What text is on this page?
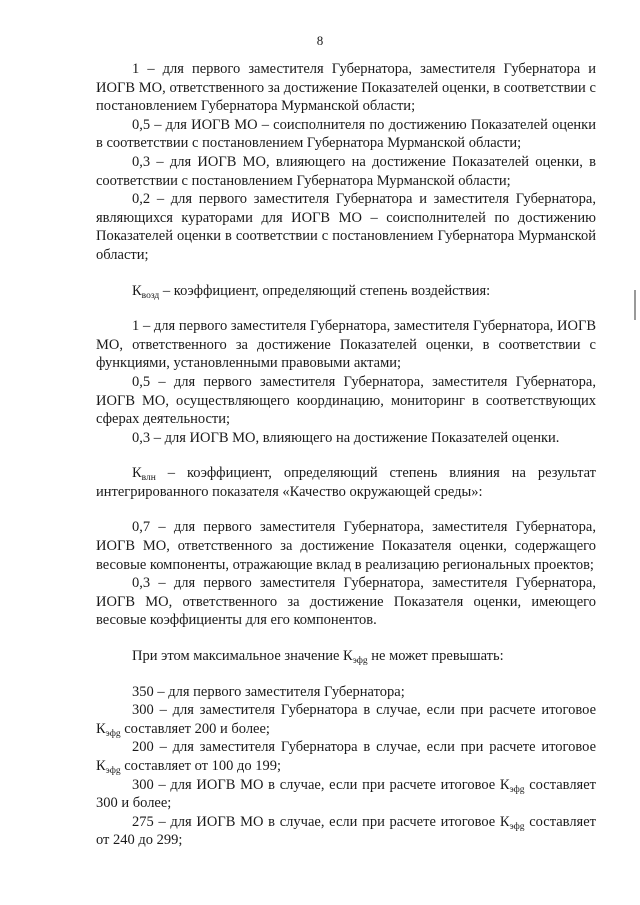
8

1 – для первого заместителя Губернатора, заместителя Губернатора и ИОГВ МО, ответственного за достижение Показателей оценки, в соответствии с постановлением Губернатора Мурманской области;

0,5 – для ИОГВ МО – соисполнителя по достижению Показателей оценки в соответствии с постановлением Губернатора Мурманской области;

0,3 – для ИОГВ МО, влияющего на достижение Показателей оценки, в соответствии с постановлением Губернатора Мурманской области;

0,2 – для первого заместителя Губернатора и заместителя Губернатора, являющихся кураторами для ИОГВ МО – соисполнителей по достижению Показателей оценки в соответствии с постановлением Губернатора Мурманской области;

$К_{возд}$ – коэффициент, определяющий степень воздействия:

1 – для первого заместителя Губернатора, заместителя Губернатора, ИОГВ МО, ответственного за достижение Показателей оценки, в соответствии с функциями, установленными правовыми актами;

0,5 – для первого заместителя Губернатора, заместителя Губернатора, ИОГВ МО, осуществляющего координацию, мониторинг в соответствующих сферах деятельности;

0,3 – для ИОГВ МО, влияющего на достижение Показателей оценки.

$К_{влн}$ – коэффициент, определяющий степень влияния на результат интегрированного показателя «Качество окружающей среды»:

0,7 – для первого заместителя Губернатора, заместителя Губернатора, ИОГВ МО, ответственного за достижение Показателя оценки, содержащего весовые компоненты, отражающие вклад в реализацию региональных проектов;

0,3 – для первого заместителя Губернатора, заместителя Губернатора, ИОГВ МО, ответственного за достижение Показателя оценки, имеющего весовые коэффициенты для его компонентов.

При этом максимальное значение $К_{эфg}$ не может превышать:

350 – для первого заместителя Губернатора;

300 – для заместителя Губернатора в случае, если при расчете итоговое $К_{эфg}$ составляет 200 и более;

200 – для заместителя Губернатора в случае, если при расчете итоговое $К_{эфg}$ составляет от 100 до 199;

300 – для ИОГВ МО в случае, если при расчете итоговое $К_{эфg}$ составляет 300 и более;

275 – для ИОГВ МО в случае, если при расчете итоговое $К_{эфg}$ составляет от 240 до 299;
